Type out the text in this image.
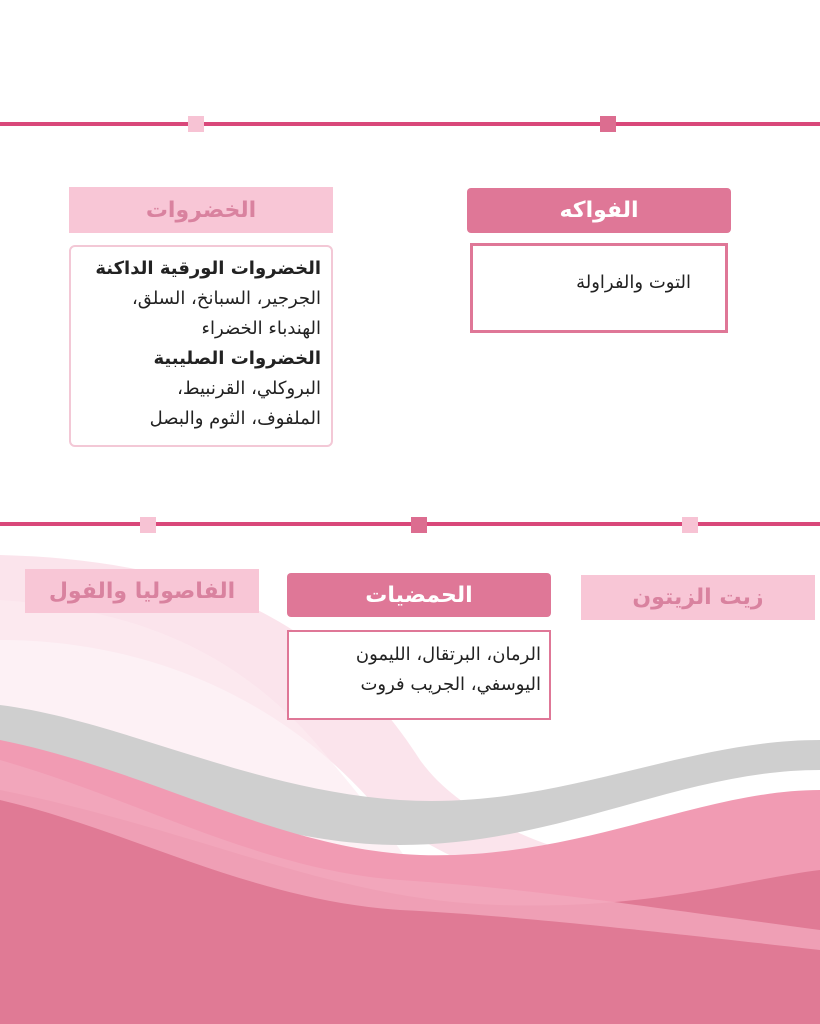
الفواكه
التوت والفراولة
الخضروات
الخضروات الورقية الداكنة
الجرجير، السبانخ، السلق،
الهندباء الخضراء
الخضروات الصليبية
البروكلي، القرنبيط،
الملفوف، الثوم والبصل
زيت الزيتون
الحمضيات
الرمان، البرتقال، الليمون
اليوسفي، الجريب فروت
الفاصوليا والفول
